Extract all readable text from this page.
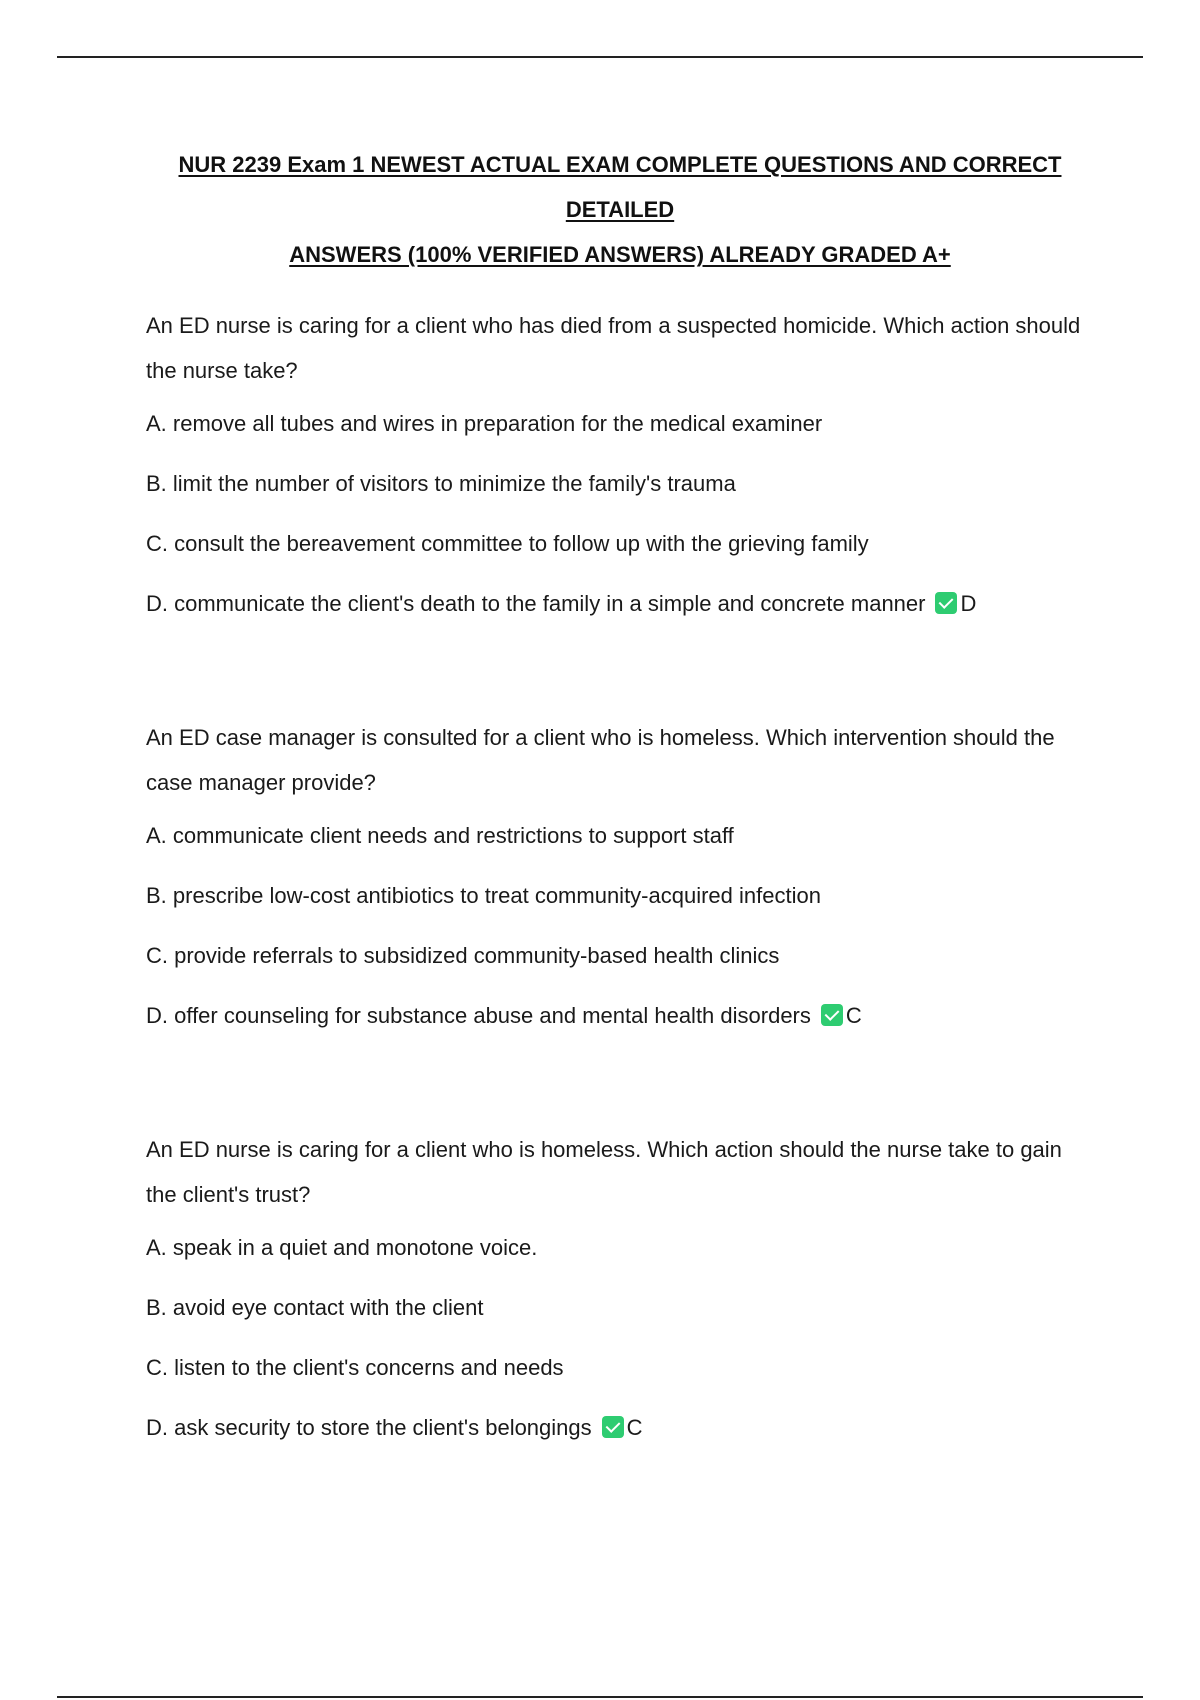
NUR 2239 Exam 1 NEWEST ACTUAL EXAM COMPLETE QUESTIONS AND CORRECT DETAILED
ANSWERS (100% VERIFIED ANSWERS) ALREADY GRADED A+

An ED nurse is caring for a client who has died from a suspected homicide. Which action should the nurse take?

A. remove all tubes and wires in preparation for the medical examiner

B. limit the number of visitors to minimize the family's trauma

C. consult the bereavement committee to follow up with the grieving family

D. communicate the client's death to the family in a simple and concrete manner D

An ED case manager is consulted for a client who is homeless. Which intervention should the case manager provide?

A. communicate client needs and restrictions to support staff

B. prescribe low-cost antibiotics to treat community-acquired infection

C. provide referrals to subsidized community-based health clinics

D. offer counseling for substance abuse and mental health disorders C

An ED nurse is caring for a client who is homeless. Which action should the nurse take to gain the client's trust?

A. speak in a quiet and monotone voice.

B. avoid eye contact with the client

C. listen to the client's concerns and needs

D. ask security to store the client's belongings C
